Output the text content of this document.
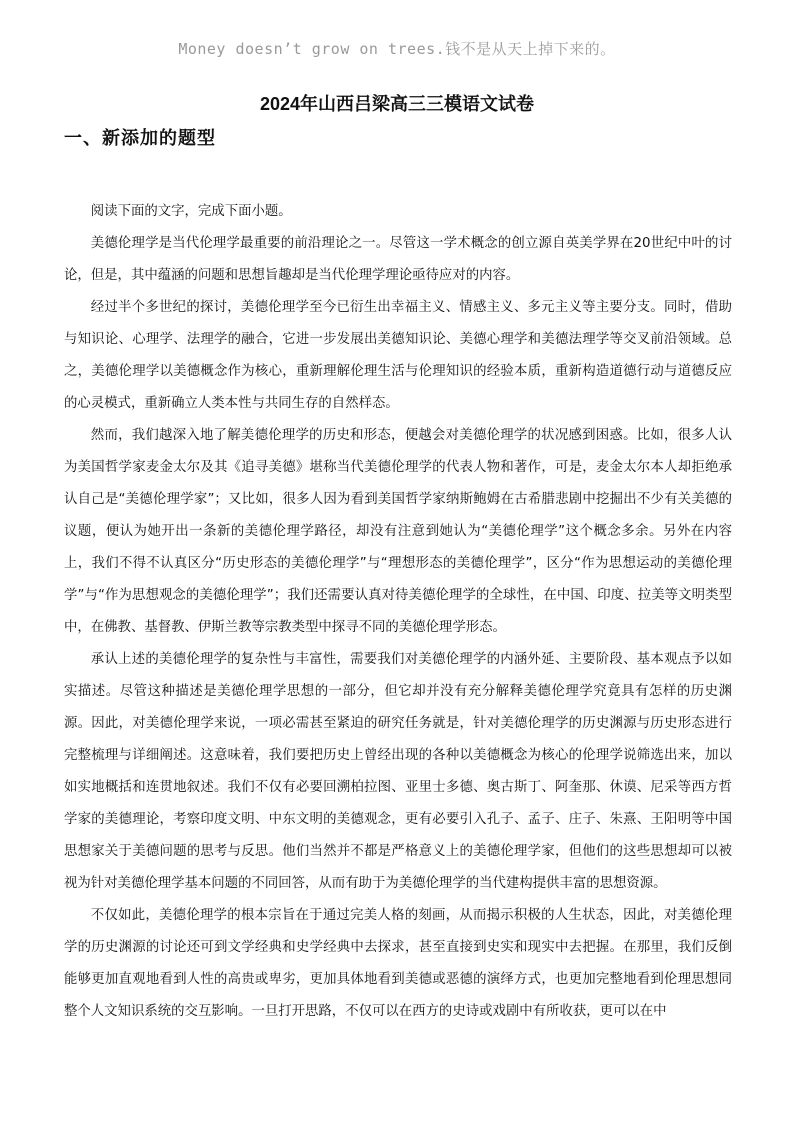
Money doesn’t grow on trees.钱不是从天上掉下来的。
2024年山西吕梁高三三模语文试卷
一、新添加的题型

阅读下面的文字，完成下面小题。

美德伦理学是当代伦理学最重要的前沿理论之一。尽管这一学术概念的创立源自英美学界在20世纪中叶的讨论，但是，其中蕴涵的问题和思想旨趣却是当代伦理学理论亟待应对的内容。

经过半个多世纪的探讨，美德伦理学至今已衍生出幸福主义、情感主义、多元主义等主要分支。同时，借助与知识论、心理学、法理学的融合，它进一步发展出美德知识论、美德心理学和美德法理学等交叉前沿领域。总之，美德伦理学以美德概念作为核心，重新理解伦理生活与伦理知识的经验本质，重新构造道德行动与道德反应的心灵模式，重新确立人类本性与共同生存的自然样态。

然而，我们越深入地了解美德伦理学的历史和形态，便越会对美德伦理学的状况感到困惑。比如，很多人认为美国哲学家麦金太尔及其《追寻美德》堪称当代美德伦理学的代表人物和著作，可是，麦金太尔本人却拒绝承认自己是“美德伦理学家”；又比如，很多人因为看到美国哲学家纳斯鲍姆在古希腊悲剧中挖掘出不少有关美德的议题，便认为她开出一条新的美德伦理学路径，却没有注意到她认为“美德伦理学”这个概念多余。另外在内容上，我们不得不认真区分“历史形态的美德伦理学”与“理想形态的美德伦理学”，区分“作为思想运动的美德伦理学”与“作为思想观念的美德伦理学”；我们还需要认真对待美德伦理学的全球性，在中国、印度、拉美等文明类型中，在佛教、基督教、伊斯兰教等宗教类型中探寻不同的美德伦理学形态。

承认上述的美德伦理学的复杂性与丰富性，需要我们对美德伦理学的内涵外延、主要阶段、基本观点予以如实描述。尽管这种描述是美德伦理学思想的一部分，但它却并没有充分解释美德伦理学究竟具有怎样的历史渊源。因此，对美德伦理学来说，一项必需甚至紧迫的研究任务就是，针对美德伦理学的历史渊源与历史形态进行完整梳理与详细阐述。这意味着，我们要把历史上曾经出现的各种以美德概念为核心的伦理学说筛选出来，加以如实地概括和连贯地叙述。我们不仅有必要回溯柏拉图、亚里士多德、奥古斯丁、阿奎那、休谟、尼采等西方哲学家的美德理论，考察印度文明、中东文明的美德观念，更有必要引入孔子、孟子、庄子、朱熹、王阳明等中国思想家关于美德问题的思考与反思。他们当然并不都是严格意义上的美德伦理学家，但他们的这些思想却可以被视为针对美德伦理学基本问题的不同回答，从而有助于为美德伦理学的当代建构提供丰富的思想资源。

不仅如此，美德伦理学的根本宗旨在于通过完美人格的刻画，从而揭示积极的人生状态，因此，对美德伦理学的历史渊源的讨论还可到文学经典和史学经典中去探求，甚至直接到史实和现实中去把握。在那里，我们反倒能够更加直观地看到人性的高贵或卑劣，更加具体地看到美德或恶德的演绎方式，也更加完整地看到伦理思想同整个人文知识系统的交互影响。一旦打开思路，不仅可以在西方的史诗或戏剧中有所收获，更可以在中
